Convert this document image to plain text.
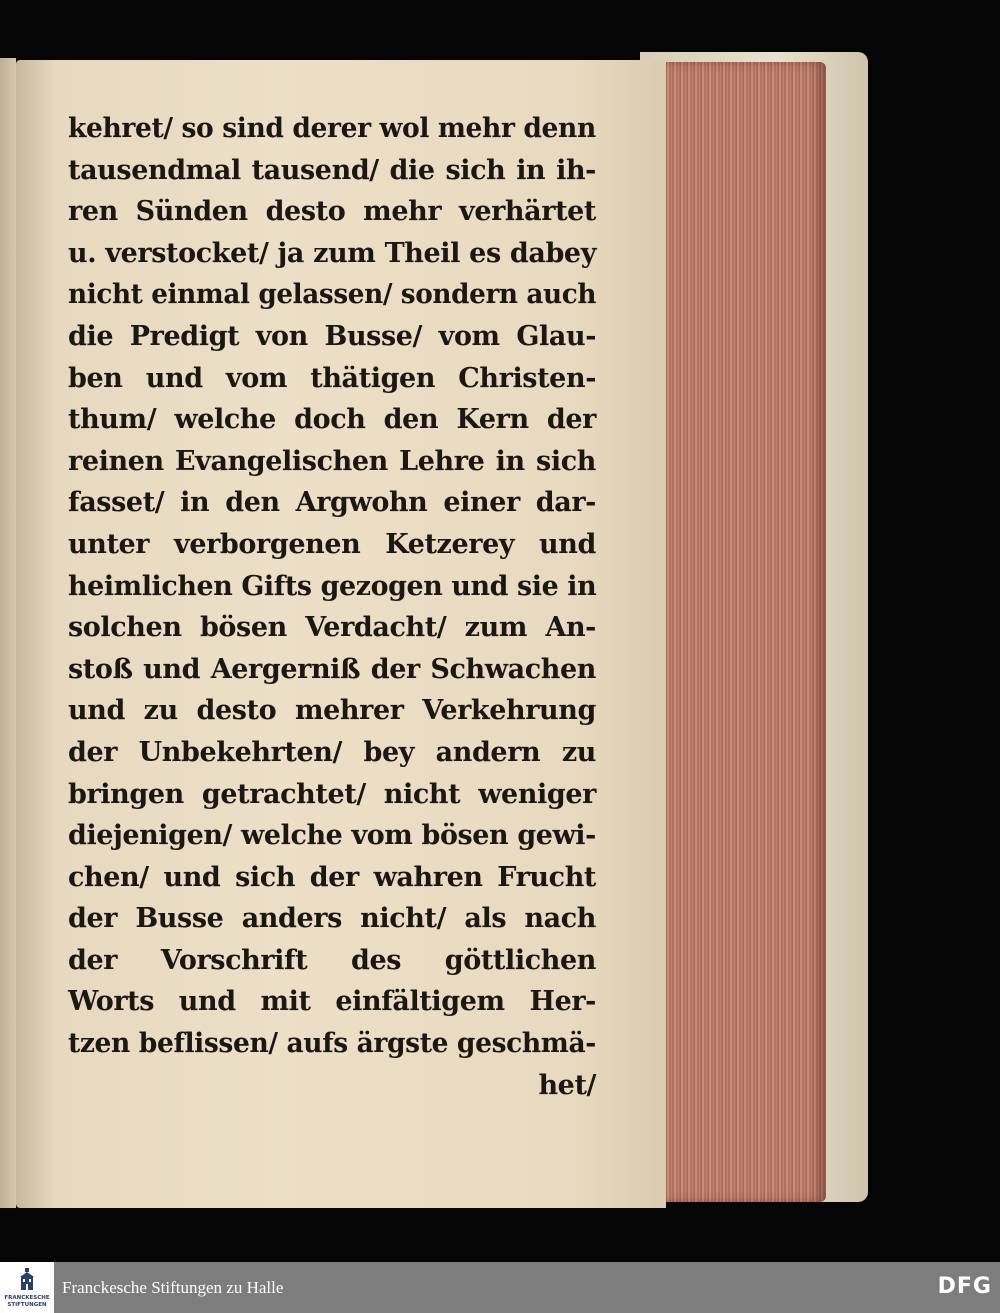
kehret/ so sind derer wol mehr denn
tausendmal tausend/ die sich in ih-
ren Sünden desto mehr verhärtet
u. verstocket/ ja zum Theil es dabey
nicht einmal gelassen/ sondern auch
die Predigt von Busse/ vom Glau-
ben und vom thätigen Christen-
thum/ welche doch den Kern der
reinen Evangelischen Lehre in sich
fasset/ in den Argwohn einer dar-
unter verborgenen Ketzerey und
heimlichen Gifts gezogen und sie in
solchen bösen Verdacht/ zum An-
stoß und Aergerniß der Schwachen
und zu desto mehrer Verkehrung
der Unbekehrten/ bey andern zu
bringen getrachtet/ nicht weniger
diejenigen/ welche vom bösen gewi-
chen/ und sich der wahren Frucht
der Busse anders nicht/ als nach
der Vorschrift des göttlichen
Worts und mit einfältigem Her-
tzen beflissen/ aufs ärgste geschmä-
het/
FRANCKESCHE
STIFTUNGEN
Franckesche Stiftungen zu Halle	DFG
